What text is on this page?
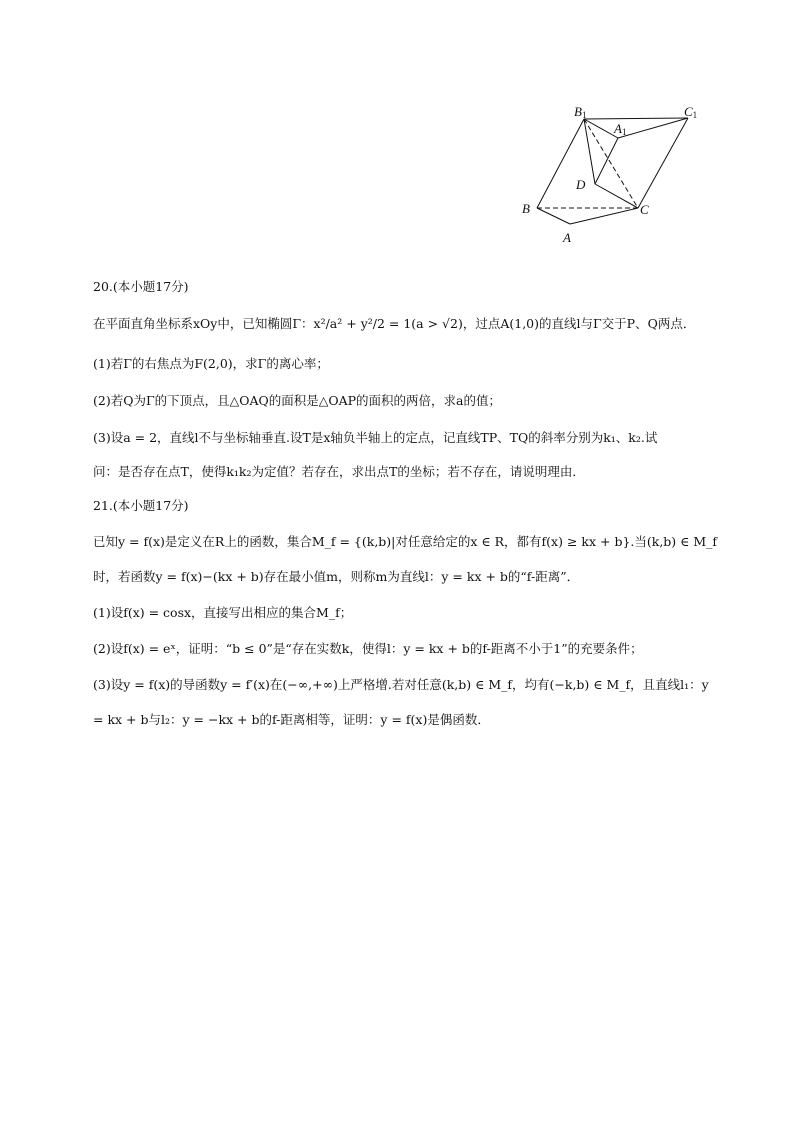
B1	C1
A1
D
B	C
A
20.(本小题17分)
在平面直角坐标系xOy中，已知椭圆Γ：x²/a² + y²/2 = 1(a > √2)，过点A(1,0)的直线l与Γ交于P、Q两点．
(1)若Γ的右焦点为F(2,0)，求Γ的离心率；
(2)若Q为Γ的下顶点，且△OAQ的面积是△OAP的面积的两倍，求a的值；
(3)设a = 2，直线l不与坐标轴垂直.设T是x轴负半轴上的定点，记直线TP、TQ的斜率分别为k₁、k₂.试
问：是否存在点T，使得k₁k₂为定值？若存在，求出点T的坐标；若不存在，请说明理由．
21.(本小题17分)
已知y = f(x)是定义在R上的函数，集合M_f = {(k,b)|对任意给定的x ∈ R，都有f(x) ≥ kx + b}.当(k,b) ∈ M_f
时，若函数y = f(x)−(kx + b)存在最小值m，则称m为直线l：y = kx + b的“f-距离”．
(1)设f(x) = cosx，直接写出相应的集合M_f；
(2)设f(x) = eˣ，证明：“b ≤ 0”是“存在实数k，使得l：y = kx + b的f-距离不小于1”的充要条件；
(3)设y = f(x)的导函数y = f′(x)在(−∞,+∞)上严格增.若对任意(k,b) ∈ M_f，均有(−k,b) ∈ M_f，且直线l₁：y
= kx + b与l₂：y = −kx + b的f-距离相等，证明：y = f(x)是偶函数．
